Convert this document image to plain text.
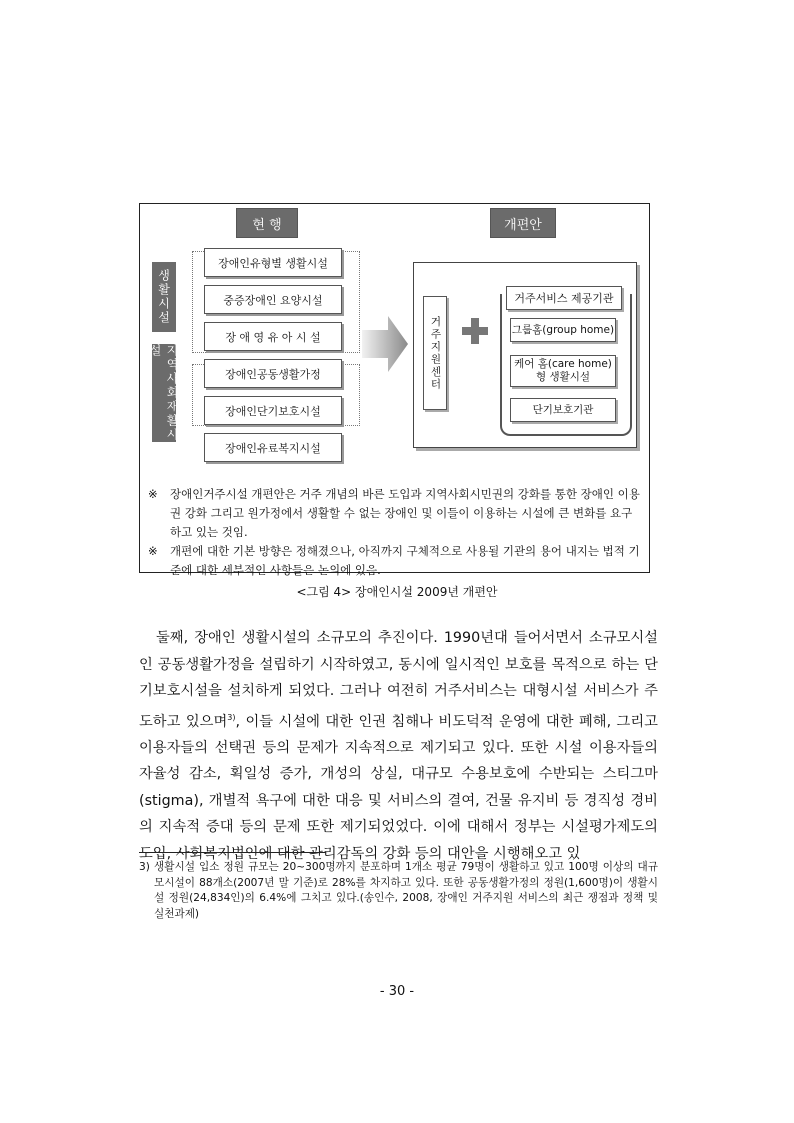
현 행	개편안
생활시설
지역사회재활시설
장애인유형별 생활시설
중증장애인 요양시설
장 애 영 유 아 시 설
장애인공동생활가정
장애인단기보호시설
장애인유료복지시설
거주지원센터
거주서비스 제공기관
그룹홈(group home)
케어 홈(care home)형 생활시설
단기보호기관
※	장애인거주시설 개편안은 거주 개념의 바른 도입과 지역사회시민권의 강화를 통한 장애인 이용권 강화 그리고 원가정에서 생활할 수 없는 장애인 및 이들이 이용하는 시설에 큰 변화를 요구하고 있는 것임.
※	개편에 대한 기본 방향은 정해졌으나, 아직까지 구체적으로 사용될 기관의 용어 내지는 법적 기준에 대한 세부적인 사항들은 논의에 있음.
<그림 4> 장애인시설 2009년 개편안

둘째, 장애인 생활시설의 소규모의 추진이다. 1990년대 들어서면서 소규모시설인 공동생활가정을 설립하기 시작하였고, 동시에 일시적인 보호를 목적으로 하는 단기보호시설을 설치하게 되었다. 그러나 여전히 거주서비스는 대형시설 서비스가 주도하고 있으며$^{3)}$, 이들 시설에 대한 인권 침해나 비도덕적 운영에 대한 폐해, 그리고 이용자들의 선택권 등의 문제가 지속적으로 제기되고 있다. 또한 시설 이용자들의 자율성 감소, 획일성 증가, 개성의 상실, 대규모 수용보호에 수반되는 스티그마(stigma), 개별적 욕구에 대한 대응 및 서비스의 결여, 건물 유지비 등 경직성 경비의 지속적 증대 등의 문제 또한 제기되었었다. 이에 대해서 정부는 시설평가제도의 도입, 사회복지법인에 대한 관리감독의 강화 등의 대안을 시행해오고 있

3) 생활시설 입소 정원 규모는 20~300명까지 분포하며 1개소 평균 79명이 생활하고 있고 100명 이상의 대규모시설이 88개소(2007년 말 기준)로 28%를 차지하고 있다. 또한 공동생활가정의 정원(1,600명)이 생활시설 정원(24,834인)의 6.4%에 그치고 있다.(송인수, 2008, 장애인 거주지원 서비스의 최근 쟁점과 정책 및 실천과제)
- 30 -
